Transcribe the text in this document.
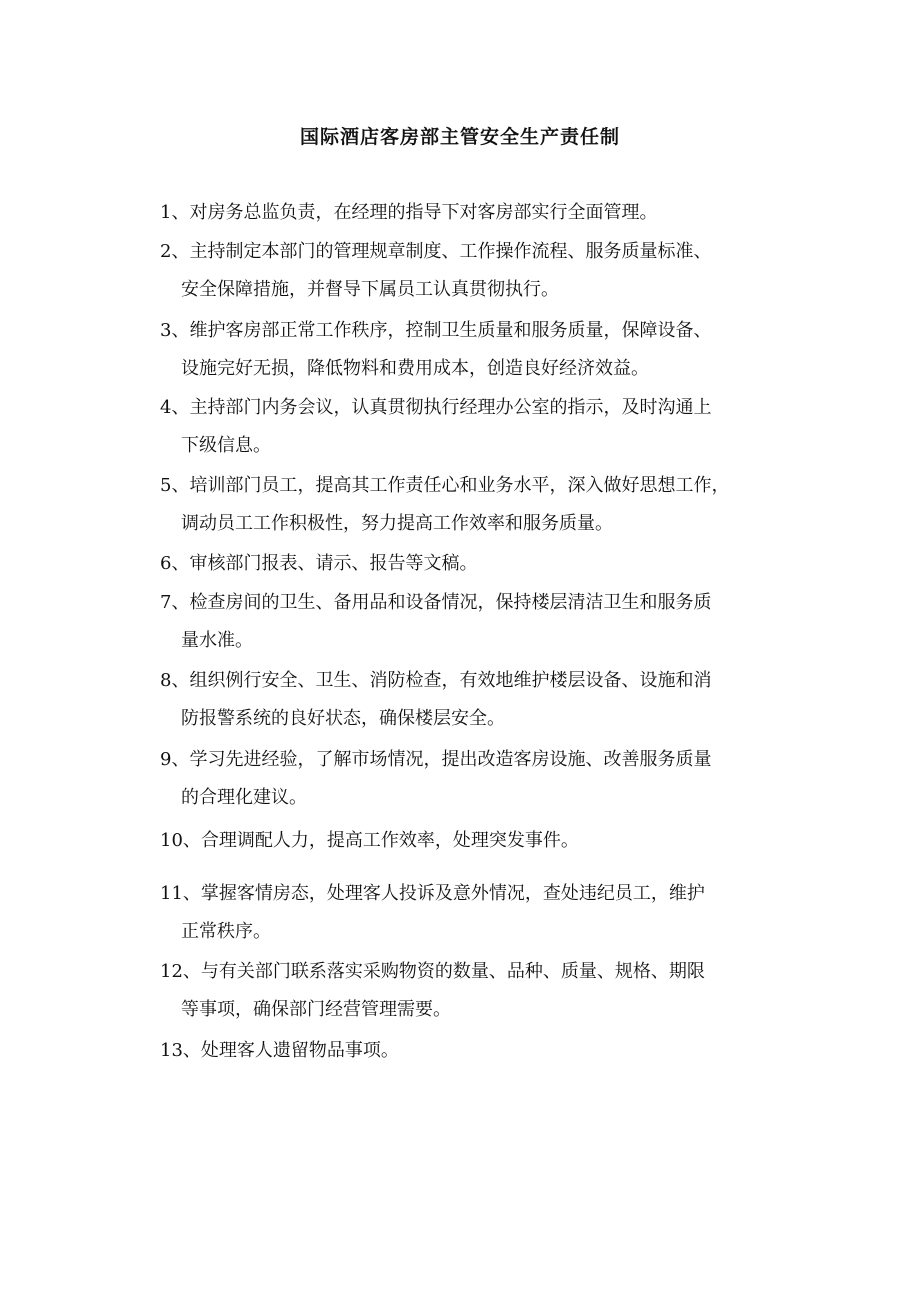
国际酒店客房部主管安全生产责任制
1、对房务总监负责，在经理的指导下对客房部实行全面管理。
2、主持制定本部门的管理规章制度、工作操作流程、服务质量标准、
安全保障措施，并督导下属员工认真贯彻执行。
3、维护客房部正常工作秩序，控制卫生质量和服务质量，保障设备、
设施完好无损，降低物料和费用成本，创造良好经济效益。
4、主持部门内务会议，认真贯彻执行经理办公室的指示，及时沟通上
下级信息。
5、培训部门员工，提高其工作责任心和业务水平，深入做好思想工作，
调动员工工作积极性，努力提高工作效率和服务质量。
6、审核部门报表、请示、报告等文稿。
7、检查房间的卫生、备用品和设备情况，保持楼层清洁卫生和服务质
量水准。
8、组织例行安全、卫生、消防检查，有效地维护楼层设备、设施和消
防报警系统的良好状态，确保楼层安全。
9、学习先进经验，了解市场情况，提出改造客房设施、改善服务质量
的合理化建议。
10、合理调配人力，提高工作效率，处理突发事件。
11、掌握客情房态，处理客人投诉及意外情况，查处违纪员工，维护
正常秩序。
12、与有关部门联系落实采购物资的数量、品种、质量、规格、期限
等事项，确保部门经营管理需要。
13、处理客人遗留物品事项。
